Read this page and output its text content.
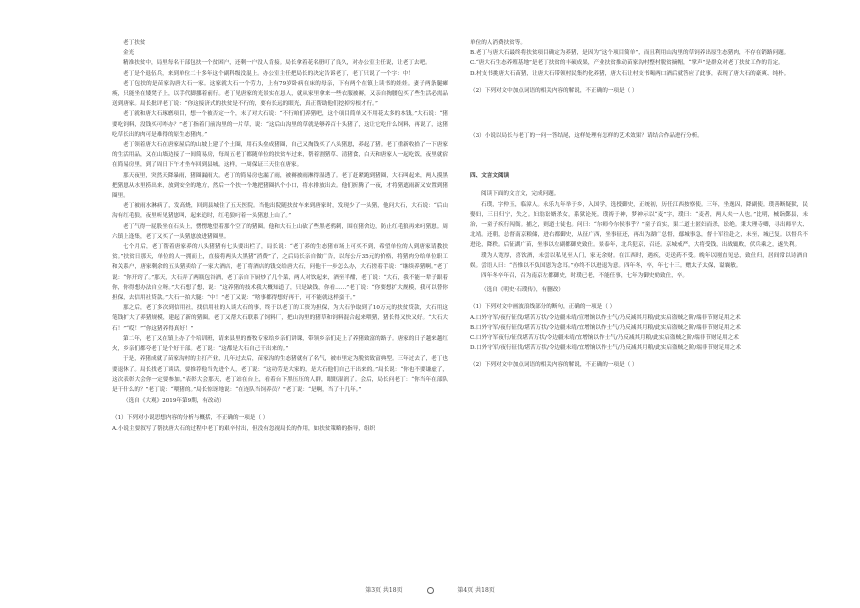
老丁扶贫

金光

精准扶贫中，局里每名干部包扶一个贫困户，还剩一户没人肯接。局长拿着花名册叮了良久，对办公室主任说，让老丁去吧。

老丁是个退伍兵，来到单位二十多年这个副科级没混上。办公室主任把局长的决定告诉老丁，老丁只说了一个字：中！

老丁包扶的是苗家沟唐大石一家。这家就大石一个劳力，上有79岁卧病在床的母亲，下有两个在镇上读书的娃娃。妻子两条腿瘫痪，只能坐在矮凳子上，以手代脚挪着前行。老丁见唐家的光景实在恳人，就从家里拿来一些衣服被褥，又亲自掏腰包买了些生活必需品送到唐家。局长批评老丁说：“你这接济式的扶贫是不行的，要有长远的眼光，真正帮助他们挖掉穷根才行。”

老丁就和唐大石琢磨项目，想一个被否定一个，末了对大石说：“不行咱们养猪吧，这个项目简单又不用花太多的本钱。”大石说：“猪要吃饲料，没钱买可咋办？”老丁指着门前沟里的一片草，说：“这后山沟里的草就是够养百十头猪了，这让它吃什么饲料，再说了，这猪吃草长出的肉可是难得的原生态猪肉。”

老丁领着唐大石在唐家屋后的山坡上建了个土圈，用石头垒成猪圈，自己又掏钱买了八头猪崽，养起了猪。老丁重新收拾了一下唐家的生活用品，又在山墙边接了一间简易房，每周五老丁都随单位的扶贫车过来，帮着割猪草、清猪食，白天和唐家人一起吃饭，夜里就宿在简易房里，到了周日下午才坐车回到县城。这样，一周保证三天住在唐家。

那天夜里，突然天降暴雨，猪圈漏雨大。老丁的简易房也漏了雨，被褥被雨淋得湿透了。老丁赶紧跑到猪圈，大石叫起来，两人摸黑把猪崽从水里捞出来，放到安全的地方，然后一个扶一个地把猪圈扒个小口，将水排放出去。他们折腾了一夜，才将猪遮雨新又安置到猪圈里。

老丁被雨水淋病了，发高烧，回到县城住了五天医院。当他出院随扶贫车来到唐家时，发现少了一头猪，他问大石，大石说：“后山沟有红毛狼，夜里听见猪崽叫，起来追时，红毛狼叼着一头猪崽上山了。”

老丁气得一屁股坐在石头上，愣愣地望着那个空了的猪圈。他和大石上山砍了些黑老鸦刺，围在猪舍边，防止红毛狼再来叼猪崽。周六镇上逢集，老丁又买了一头猪崽放进猪圈里。

七个月后，老丁帮着唐家养的八头猪猪有七头要出栏了，局长说：“老丁养的生态猪市场上可买不到，希望单位的人到唐家请教扶贫。”扶贫日那天，单位的人一拥而上，直接将两头大黑猪“消费”了，之后局长亲自做广告，以每公斤35元的价格，将猪肉分给单位职工和关系户，唐家剩余的五头猪卖给了一家大酒店，老丁将酒店的钱交给唐大石，问他干一步怎么办，大石搓着手说：“继续养猪啊。”老丁说：“你开窍了。”那天，大石弄了两瓶包谷酒，老丁亲自下厨炒了几个菜，两人对饮起来，酒至半酣，老丁说：“大石，我不能一辈子跟着你，你得想办法自立呀。”大石想了想，说：“这养猪的技术我大概知道了，只是缺钱，你看……”老丁说：“你要想扩大规模，我可以替你担保，去信用社贷款。”大石一拍大腿：“中！”老丁又说：“啥事都得想好再干，可不能就这样蛮干。”

那之后，老丁多次到信用社，找信用社的人谈大石的事，终于以老丁的工资为担保，为大石争取到了10万元的扶贫贷款，大石用这笔钱扩大了养猪规模，建起了新的猪圈。老丁又帮大石联系了饲料厂，把山沟里的猪草和饲料混合起来喂猪，猪长得又快又好。“大石大石！”“哎！”“你这猪养得真好！”

第二年，老丁又在镇上办了个培训班，请来县里的畜牧专家给乡亲们讲课，带领乡亲们走上了养猪致富的路子。唐家的日子越来越红火，乡亲们都夸老丁是个好干部。老丁说：“这都是大石自己干出来的。”

于是，养猪成就了苗家沟村的主打产业，几年过去后，苗家沟的生态猪就有了名气，被市里定为脱贫致富典型。三年过去了，老丁也要退休了。局长找老丁谈话，要推荐他当先进个人，老丁说：“这功劳是大家的，是大石他们自己干出来的。”局长说：“你也不要谦虚了，这次表彰大会你一定要参加。”表彰大会那天，老丁站在台上，看着台下黑压压的人群，眼眶湿润了。会后，局长问老丁：“你当年在部队是干什么的？”老丁说：“喂猪的。”局长惊讶地说：“在连队当饲养员？”老丁说：“是啊，当了十几年。”

（选自《大观》2019年第9期，有改动）

（1）下列对小说思想内容的分析与概括，不正确的一项是（ ）

A.小说主要叙写了帮扶唐大石的过程中老丁的艰辛付出，但没有忽视局长的作用，如扶贫策略的指导，组织

单位的人消费扶贫等。

B.老丁与唐大石最终将扶贫项目确定为养猪，是因为“这个项目简单”，而且利用山沟里的草饲养出原生态猪肉，不存在销路问题。

C.“唐大石生态养殖基地”是老丁扶贫的丰硕成果，产业扶贫推动苗家沟村整村脱贫摘帽，“掌声”是群众对老丁扶贫工作的肯定。

D.村支书挑唐大石苗猪，让唐大石带领村民集约化养猪，唐大石让村支书喝两口酒后就答应了此事，表现了唐大石的豪爽、纯朴。

（2）下列对文中加点词语的相关内容的解说，不正确的一项是（ ）

（3）小说以局长与老丁的一问一答结尾，这样处理有怎样的艺术效果？请结合作品进行分析。

四、文言文阅读

阅读下面的文言文，完成问题。

石璞，字仲玉，临漳人。永乐九年举于乡，入国学，选授御史，正统初，历任江西按察使。三年，坐逸囚，降副使。璞善断疑狱，民娶妇，三日归宁，失之。妇翁讼婿杀女，系狱论死。璞祷于神，梦神示以“麦”字，璞曰：“麦者，两人夹一人也。”比明，械诣鄞县，未治，一童子疾行闯衙。捕之，则道士徒也。问曰：“尔师今尔侯事乎？”童子首实，果二道士匿妇而杀，讼绝。秉大理寺卿，寻出师平大、北靖。还朝，总督南京粮储，进右都御史，从征广西，坐事征还，再出为湖广总督，鄢城事急，督十军往赴之，未至，城已复。以督兵不进论，降秩。后征湖广苗，坐事以左副都御史致仕。景泰年，北兵犯京，召还。京城戒严，大将受钱，出战辄败，伏兵乘之，遂失利。

璞为人宽厚，喜饮酒，未尝以私见至人门，家无余财。在江西时，遇疾，吏送药不受。晚年以刚直见忌，致仕归，居间常以诗酒自娱。尝语人曰：“吾惟以不负国恩为念耳。”亦终不以进退为意。四年冬，卒，年七十三。赠太子太保，谥襄敏。

四年冬卒年召，召为南京左都御史，时璞已老，不能任事，七年为御史劾致仕，卒。

（选自《明史·石璞传》，有删改）

（1）下列对文中画波浪线部分的断句，正确的一项是（ ）

A.口外守军/夜行征伐/堪苦万状/令边疆未靖/宣增饷以作士气/乃反减其月粮/此实启盗贼之阶/端非节财足用之术

B.口外守军/夜行征伐/堪苦万状/令边疆未靖/宜增饷以作士气/乃反减其月粮/此实启盗贼之阶/端非节财足用之术

C.口外守军夜行/征伐堪苦万状/令边疆未靖/宜增饷以作士气/乃反减其月粮/此实启盗贼之阶/端非节财足用之术

D.口外守军/夜行征伐/堪苦万状/令边疆未靖/宜增饷以作士气/乃反减其月粮/此实启盗贼之阶/端非节财足用之术

（2）下列对文中加点词语的相关内容的解说，不正确的一项是（ ）

第3页 共18页	第4页 共18页
